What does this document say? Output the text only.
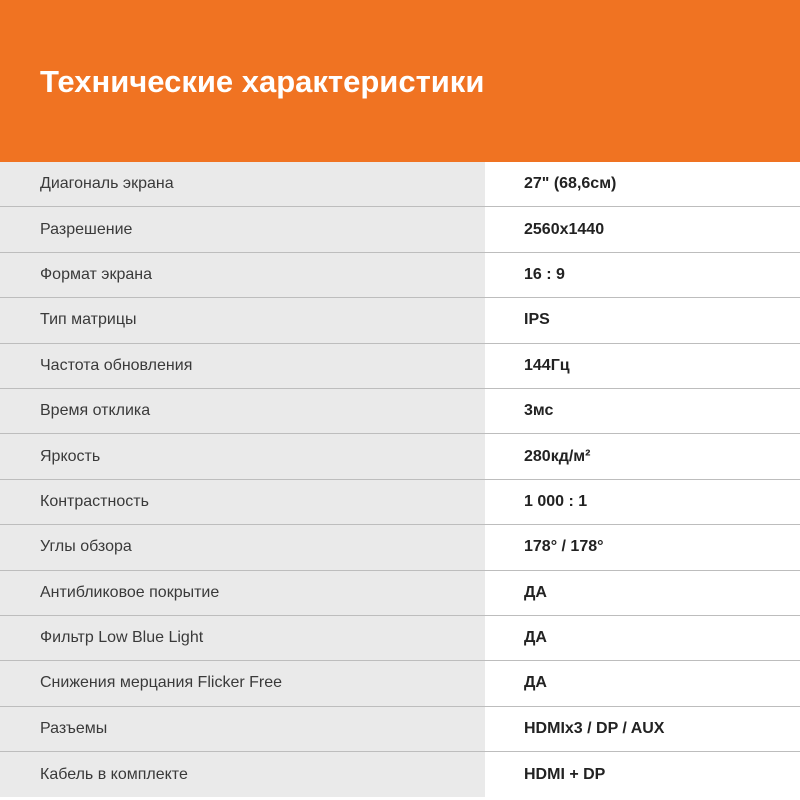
Технические характеристики
Диагональ экрана	27" (68,6см)
Разрешение	2560x1440
Формат экрана	16 : 9
Тип матрицы	IPS
Частота обновления	144Гц
Время отклика	3мс
Яркость	280кд/м²
Контрастность	1 000 : 1
Углы обзора	178° / 178°
Антибликовое покрытие	ДА
Фильтр Low Blue Light	ДА
Снижения мерцания Flicker Free	ДА
Разъемы	HDMIx3 / DP / AUX
Кабель в комплекте	HDMI + DP
